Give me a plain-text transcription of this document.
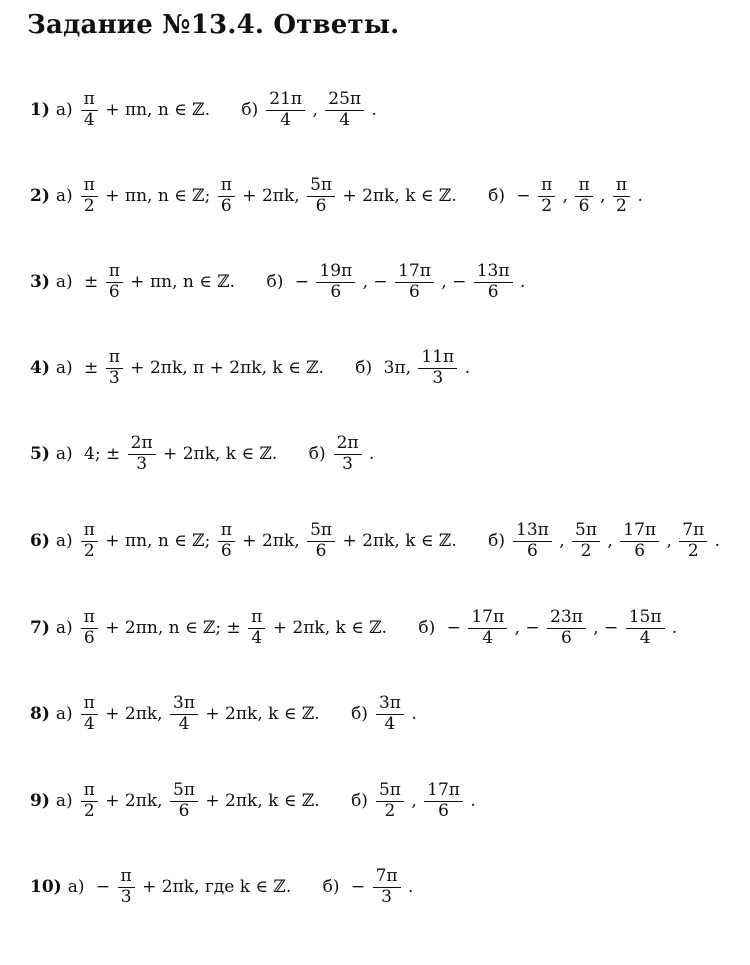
Задание №13.4. Ответы.
1) $а) \frac{\pi}{4} + \pi n$, n ∈ ℤ. $б) \frac{21\pi}{4}$ , $\frac{25\pi}{4}$ .
2) $а) \frac{\pi}{2} + \pi n$, n ∈ ℤ; $\frac{\pi}{6} + 2\pi k$, $\frac{5\pi}{6} + 2\pi k$, k ∈ ℤ. $б) - \frac{\pi}{2}$ , $\frac{\pi}{6}$ , $\frac{\pi}{2}$ .
3) $а) \pm \frac{\pi}{6} + \pi n$, n ∈ ℤ. $б) - \frac{19\pi}{6}$ , − $\frac{17\pi}{6}$ , − $\frac{13\pi}{6}$ .
4) $а) \pm \frac{\pi}{3} + 2\pi k$, π + 2πk, k ∈ ℤ. б) 3π, $\frac{11\pi}{3}$ .
5) а) 4; ± $\frac{2\pi}{3} + 2\pi k$, k ∈ ℤ. $б) \frac{2\pi}{3}$ .
6) $а) \frac{\pi}{2} + \pi n$, n ∈ ℤ; $\frac{\pi}{6} + 2\pi k$, $\frac{5\pi}{6} + 2\pi k$, k ∈ ℤ. $б) \frac{13\pi}{6}$ , $\frac{5\pi}{2}$ , $\frac{17\pi}{6}$ , $\frac{7\pi}{2}$ .
7) $а) \frac{\pi}{6} + 2\pi n$, n ∈ ℤ; ± $\frac{\pi}{4} + 2\pi k$, k ∈ ℤ. $б) - \frac{17\pi}{4}$ , − $\frac{23\pi}{6}$ , − $\frac{15\pi}{4}$ .
8) $а) \frac{\pi}{4} + 2\pi k$, $\frac{3\pi}{4} + 2\pi k$, k ∈ ℤ. $б) \frac{3\pi}{4}$ .
9) $а) \frac{\pi}{2} + 2\pi k$, $\frac{5\pi}{6} + 2\pi k$, k ∈ ℤ. $б) \frac{5\pi}{2}$ , $\frac{17\pi}{6}$ .
10) $а) - \frac{\pi}{3} + 2\pi k$, где k ∈ ℤ. $б) - \frac{7\pi}{3}$ .
